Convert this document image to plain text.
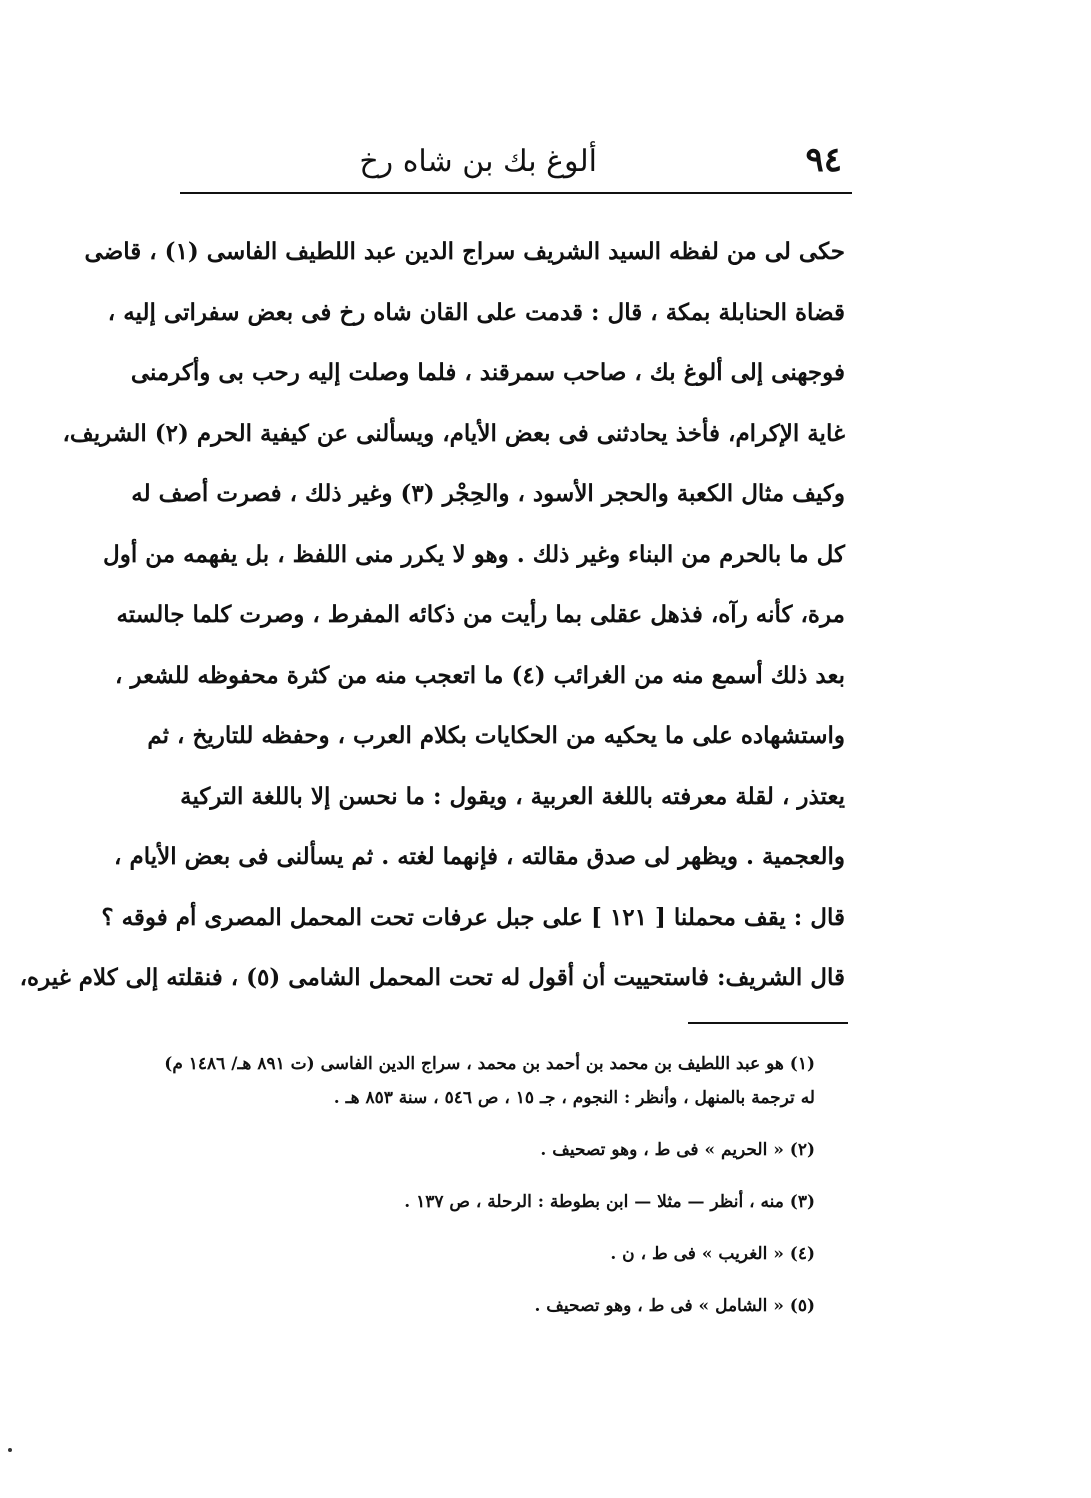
٩٤
ألوغ بك بن شاه رخ
حكى لى من لفظه السيد الشريف سراج الدين عبد اللطيف الفاسى (١) ، قاضى
قضاة الحنابلة بمكة ، قال : قدمت على القان شاه رخ فى بعض سفراتى إليه ،
فوجهنى إلى ألوغ بك ، صاحب سمرقند ، فلما وصلت إليه رحب بى وأكرمنى
غاية الإكرام، فأخذ يحادثنى فى بعض الأيام، ويسألنى عن كيفية الحرم (٢) الشريف،
وكيف مثال الكعبة والحجر الأسود ، والحِجْر (٣) وغير ذلك ، فصرت أصف له
كل ما بالحرم من البناء وغير ذلك . وهو لا يكرر منى اللفظ ، بل يفهمه من أول
مرة، كأنه رآه، فذهل عقلى بما رأيت من ذكائه المفرط ، وصرت كلما جالسته
بعد ذلك أسمع منه من الغرائب (٤) ما اتعجب منه من كثرة محفوظه للشعر ،
واستشهاده على ما يحكيه من الحكايات بكلام العرب ، وحفظه للتاريخ ، ثم
يعتذر ، لقلة معرفته باللغة العربية ، ويقول : ما نحسن إلا باللغة التركية
والعجمية . ويظهر لى صدق مقالته ، فإنهما لغته . ثم يسألنى فى بعض الأيام ،
قال : يقف محملنا [ ١٢١ ] على جبل عرفات تحت المحمل المصرى أم فوقه ؟
قال الشريف: فاستحييت أن أقول له تحت المحمل الشامى (٥) ، فنقلته إلى كلام غيره،
(١) هو عبد اللطيف بن محمد بن أحمد بن محمد ، سراج الدين الفاسى (ت ٨٩١ هـ/ ١٤٨٦ م)
له ترجمة بالمنهل ، وأنظر : النجوم ، جـ ١٥ ، ص ٥٤٦ ، سنة ٨٥٣ هـ .
(٢) « الحريم » فى ط ، وهو تصحيف .
(٣) منه ، أنظر — مثلا — ابن بطوطة : الرحلة ، ص ١٣٧ .
(٤) « الغريب » فى ط ، ن .
(٥) « الشامل » فى ط ، وهو تصحيف .
